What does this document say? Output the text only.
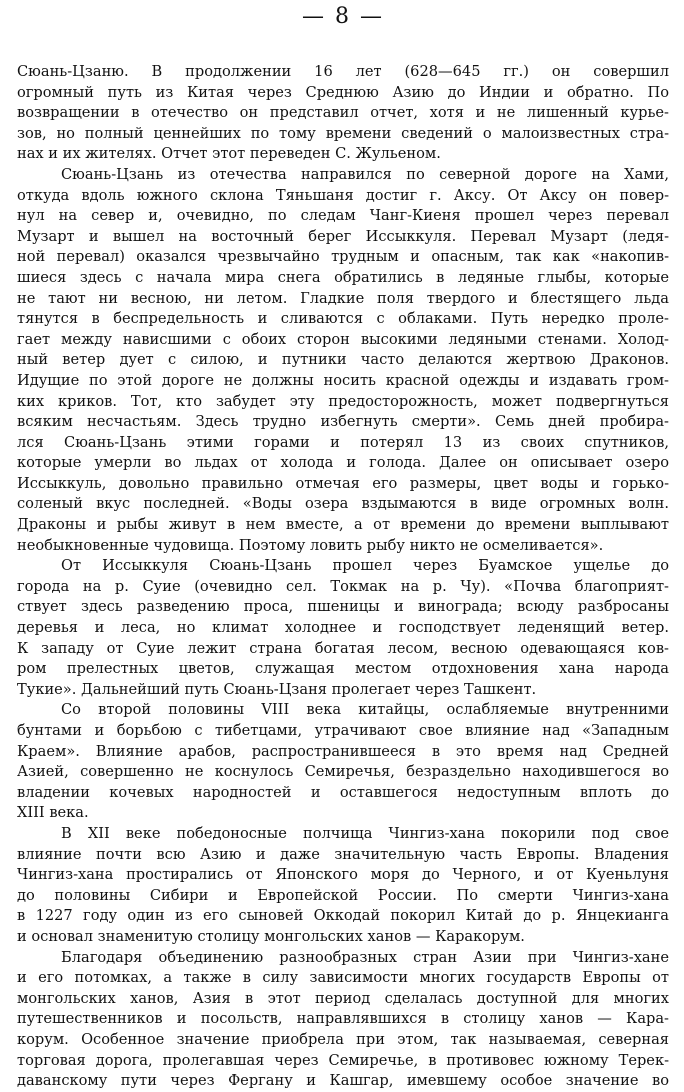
— 8 —
Сюань-Цзаню. В продолжении 16 лет (628—645 гг.) он совершил
огромный путь из Китая через Среднюю Азию до Индии и обратно. По
возвращении в отечество он представил отчет, хотя и не лишенный курье-
зов, но полный ценнейших по тому времени сведений о малоизвестных стра-
нах и их жителях. Отчет этот переведен С. Жульеном.
Сюань-Цзань из отечества направился по северной дороге на Хами,
откуда вдоль южного склона Тяньшаня достиг г. Аксу. От Аксу он повер-
нул на север и, очевидно, по следам Чанг-Киеня прошел через перевал
Музарт и вышел на восточный берег Иссыккуля. Перевал Музарт (ледя-
ной перевал) оказался чрезвычайно трудным и опасным, так как «накопив-
шиеся здесь с начала мира снега обратились в ледяные глыбы, которые
не тают ни весною, ни летом. Гладкие поля твердого и блестящего льда
тянутся в беспредельность и сливаются с облаками. Путь нередко проле-
гает между нависшими с обоих сторон высокими ледяными стенами. Холод-
ный ветер дует с силою, и путники часто делаются жертвою Драконов.
Идущие по этой дороге не должны носить красной одежды и издавать гром-
ких криков. Тот, кто забудет эту предосторожность, может подвергнуться
всяким несчастьям. Здесь трудно избегнуть смерти». Семь дней пробира-
лся Сюань-Цзань этими горами и потерял 13 из своих спутников,
которые умерли во льдах от холода и голода. Далее он описывает озеро
Иссыккуль, довольно правильно отмечая его размеры, цвет воды и горько-
соленый вкус последней. «Воды озера вздымаются в виде огромных волн.
Драконы и рыбы живут в нем вместе, а от времени до времени выплывают
необыкновенные чудовища. Поэтому ловить рыбу никто не осмеливается».
От Иссыккуля Сюань-Цзань прошел через Буамское ущелье до
города на р. Суие (очевидно сел. Токмак на р. Чу). «Почва благоприят-
ствует здесь разведению проса, пшеницы и винограда; всюду разбросаны
деревья и леса, но климат холоднее и господствует леденящий ветер.
К западу от Суие лежит страна богатая лесом, весною одевающаяся ков-
ром прелестных цветов, служащая местом отдохновения хана народа
Тукие». Дальнейший путь Сюань-Цзаня пролегает через Ташкент.
Со второй половины VIII века китайцы, ослабляемые внутренними
бунтами и борьбою с тибетцами, утрачивают свое влияние над «Западным
Краем». Влияние арабов, распространившееся в это время над Средней
Азией, совершенно не коснулось Семиречья, безраздельно находившегося во
владении кочевых народностей и оставшегося недоступным вплоть до
XIII века.
В XII веке победоносные полчища Чингиз-хана покорили под свое
влияние почти всю Азию и даже значительную часть Европы. Владения
Чингиз-хана простирались от Японского моря до Черного, и от Куеньлуня
до половины Сибири и Европейской России. По смерти Чингиз-хана
в 1227 году один из его сыновей Оккодай покорил Китай до р. Янцекианга
и основал знаменитую столицу монгольских ханов — Каракорум.
Благодаря объединению разнообразных стран Азии при Чингиз-хане
и его потомках, а также в силу зависимости многих государств Европы от
монгольских ханов, Азия в этот период сделалась доступной для многих
путешественников и посольств, направлявшихся в столицу ханов — Кара-
корум. Особенное значение приобрела при этом, так называемая, северная
торговая дорога, пролегавшая через Семиречье, в противовес южному Терек-
даванскому пути через Фергану и Кашгар, имевшему особое значение во
